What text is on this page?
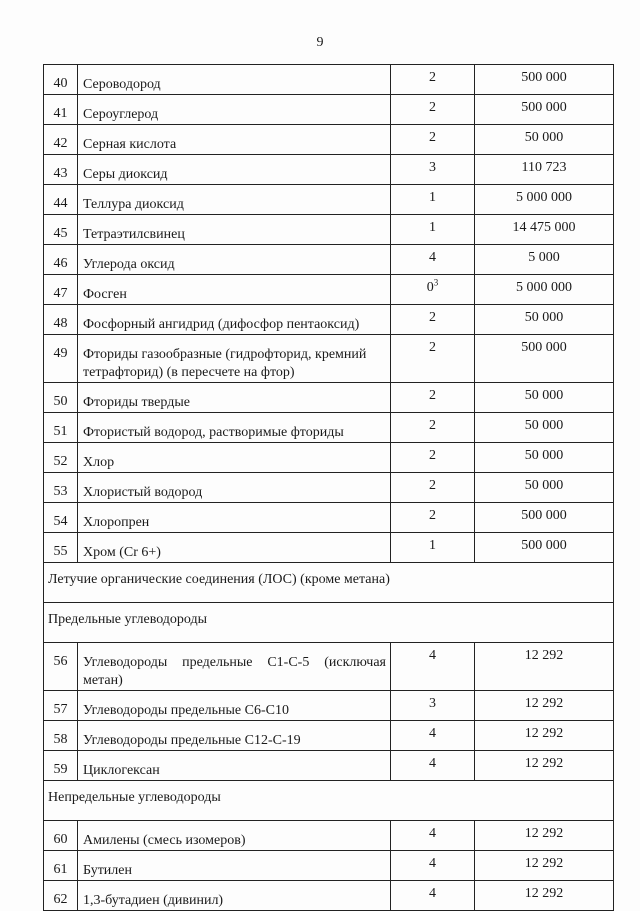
9
40	Сероводород	2	500 000
41	Сероуглерод	2	500 000
42	Серная кислота	2	50 000
43	Серы диоксид	3	110 723
44	Теллура диоксид	1	5 000 000
45	Тетраэтилсвинец	1	14 475 000
46	Углерода оксид	4	5 000
47	Фосген	$0^3$	5 000 000
48	Фосфорный ангидрид (дифосфор пентаоксид)	2	50 000
49	Фториды газообразные (гидрофторид, кремний тетрафторид) (в пересчете на фтор)	2	500 000
50	Фториды твердые	2	50 000
51	Фтористый водород, растворимые фториды	2	50 000
52	Хлор	2	50 000
53	Хлористый водород	2	50 000
54	Хлоропрен	2	500 000
55	Хром (Cr 6+)	1	500 000
Летучие органические соединения (ЛОС) (кроме метана)			
Предельные углеводороды			
56	Углеводороды предельные С1-С-5 (исключая метан)	4	12 292
57	Углеводороды предельные С6-С10	3	12 292
58	Углеводороды предельные С12-С-19	4	12 292
59	Циклогексан	4	12 292
Непредельные углеводороды			
60	Амилены (смесь изомеров)	4	12 292
61	Бутилен	4	12 292
62	1,3-бутадиен (дивинил)	4	12 292
